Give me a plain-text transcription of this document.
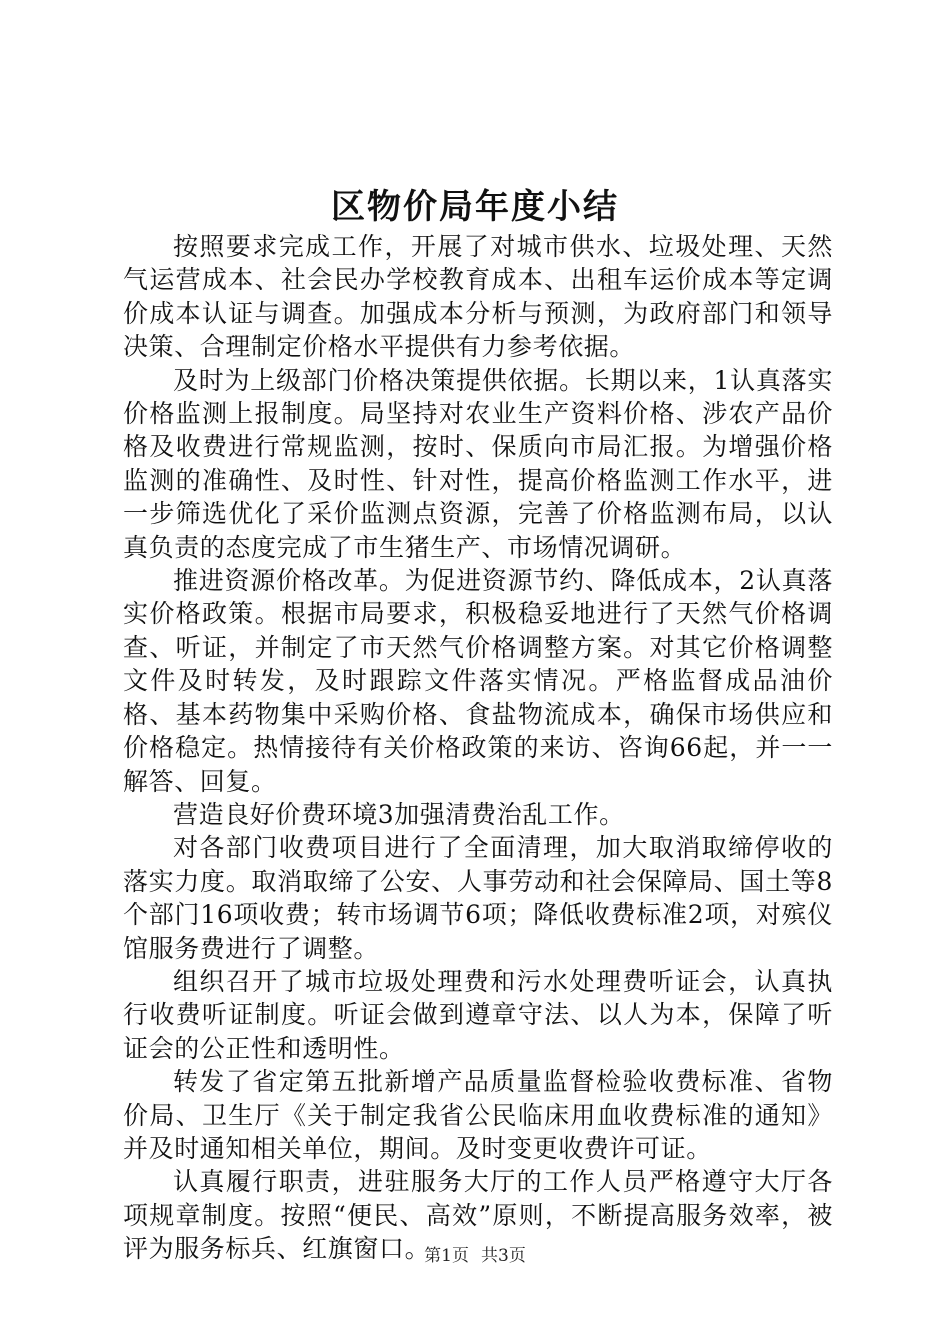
区物价局年度小结

按照要求完成工作，开展了对城市供水、垃圾处理、天然气运营成本、社会民办学校教育成本、出租车运价成本等定调价成本认证与调查。加强成本分析与预测，为政府部门和领导决策、合理制定价格水平提供有力参考依据。

及时为上级部门价格决策提供依据。长期以来，1认真落实价格监测上报制度。局坚持对农业生产资料价格、涉农产品价格及收费进行常规监测，按时、保质向市局汇报。为增强价格监测的准确性、及时性、针对性，提高价格监测工作水平，进一步筛选优化了采价监测点资源，完善了价格监测布局，以认真负责的态度完成了市生猪生产、市场情况调研。

推进资源价格改革。为促进资源节约、降低成本，2认真落实价格政策。根据市局要求，积极稳妥地进行了天然气价格调查、听证，并制定了市天然气价格调整方案。对其它价格调整文件及时转发，及时跟踪文件落实情况。严格监督成品油价格、基本药物集中采购价格、食盐物流成本，确保市场供应和价格稳定。热情接待有关价格政策的来访、咨询66起，并一一解答、回复。

营造良好价费环境3加强清费治乱工作。

对各部门收费项目进行了全面清理，加大取消取缔停收的落实力度。取消取缔了公安、人事劳动和社会保障局、国土等8个部门16项收费；转市场调节6项；降低收费标准2项，对殡仪馆服务费进行了调整。

组织召开了城市垃圾处理费和污水处理费听证会，认真执行收费听证制度。听证会做到遵章守法、以人为本，保障了听证会的公正性和透明性。

转发了省定第五批新增产品质量监督检验收费标准、省物价局、卫生厅《关于制定我省公民临床用血收费标准的通知》并及时通知相关单位，期间。及时变更收费许可证。

认真履行职责，进驻服务大厅的工作人员严格遵守大厅各项规章制度。按照“便民、高效”原则，不断提高服务效率，被评为服务标兵、红旗窗口。

第1页 共3页
